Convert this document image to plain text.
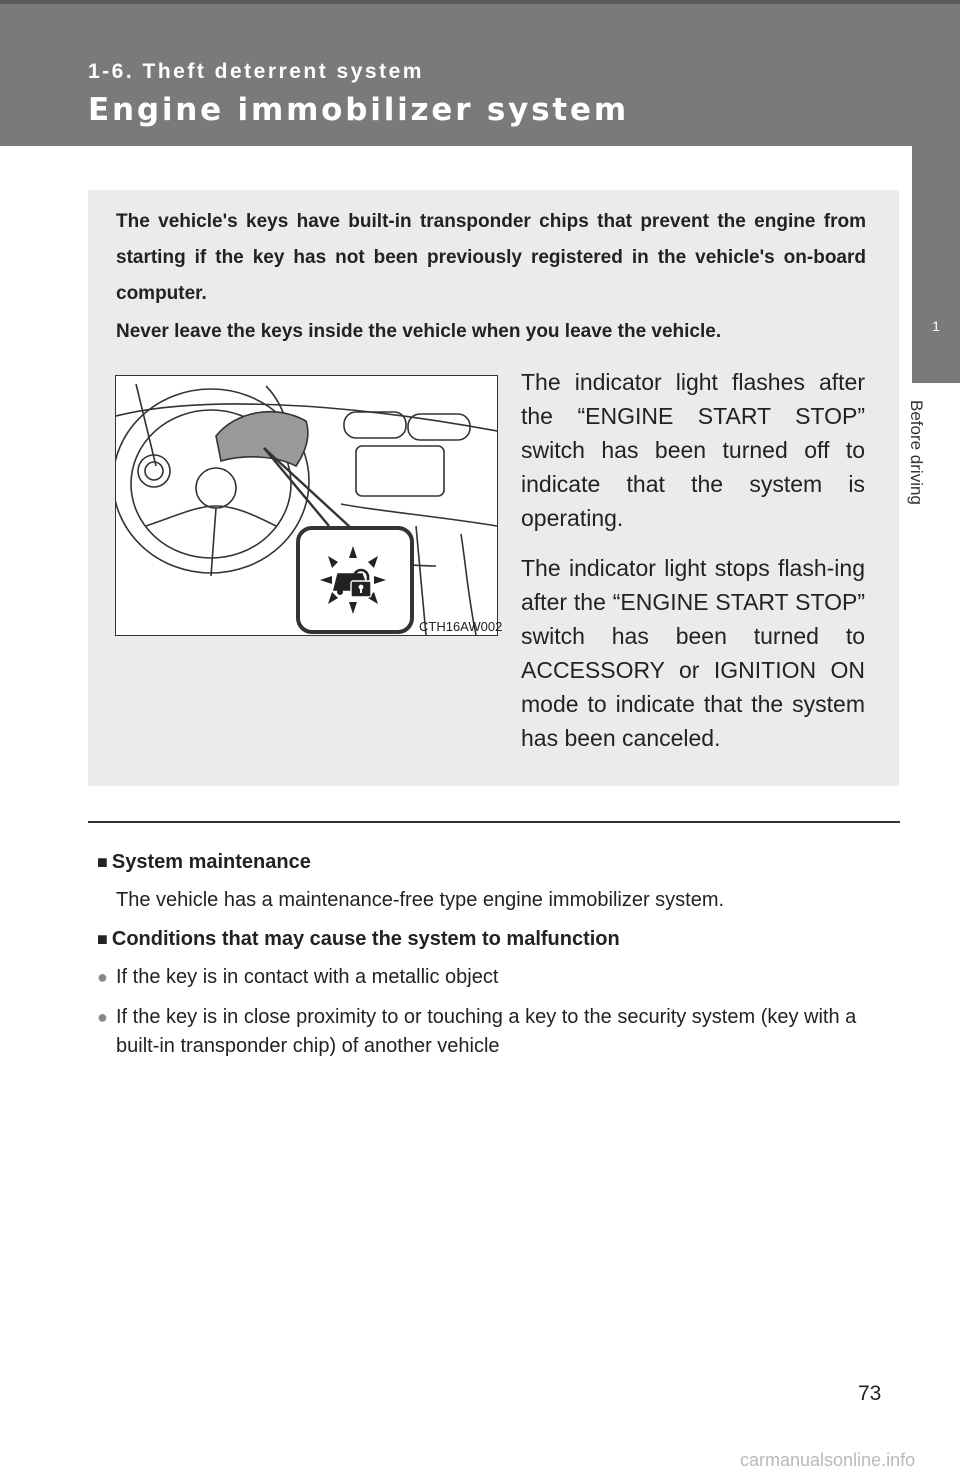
1-6. Theft deterrent system
Engine immobilizer system
1
Before driving

The vehicle's keys have built-in transponder chips that prevent the engine from starting if the key has not been previously registered in the vehicle's on-board computer.

Never leave the keys inside the vehicle when you leave the vehicle.

CTH16AW002

The indicator light flashes after the “ENGINE START STOP” switch has been turned off to indicate that the system is operating.

The indicator light stops flash-ing after the “ENGINE START STOP” switch has been turned to ACCESSORY or IGNITION ON mode to indicate that the system has been canceled.

■ System maintenance

The vehicle has a maintenance-free type engine immobilizer system.

■ Conditions that may cause the system to malfunction

● If the key is in contact with a metallic object

● If the key is in close proximity to or touching a key to the security system (key with a built-in transponder chip) of another vehicle

73
carmanualsonline.info
